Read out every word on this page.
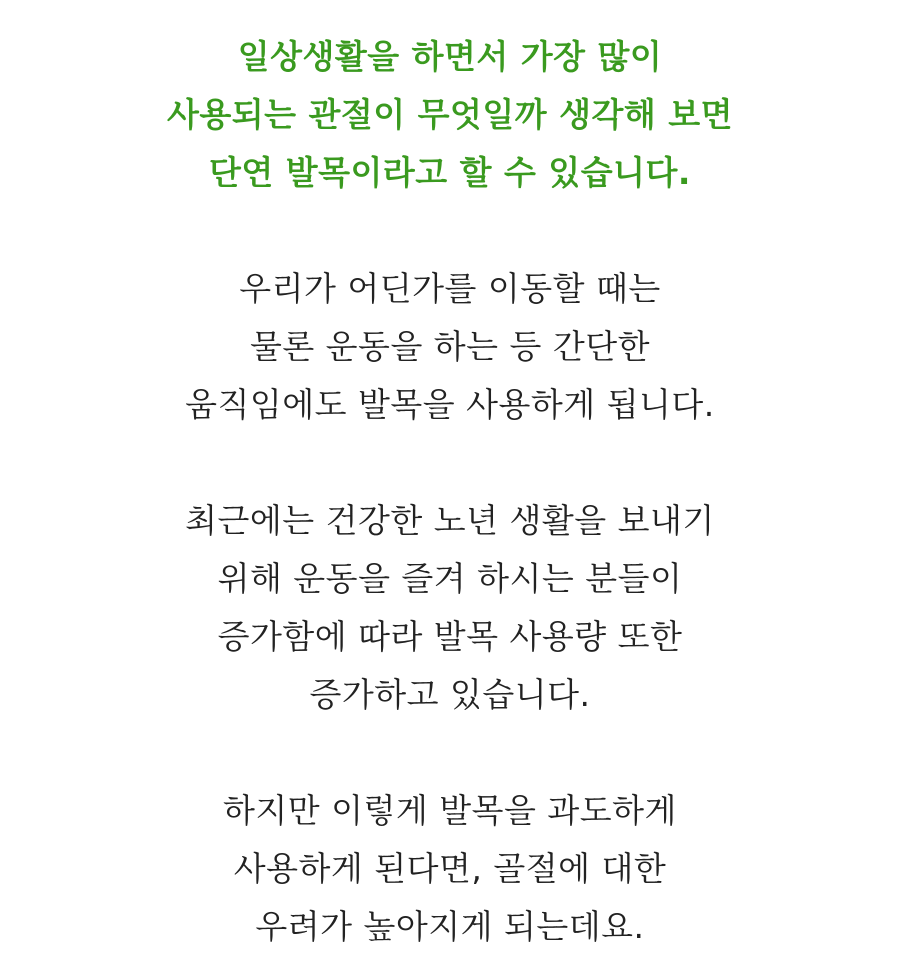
일상생활을 하면서 가장 많이
사용되는 관절이 무엇일까 생각해 보면
단연 발목이라고 할 수 있습니다.

우리가 어딘가를 이동할 때는
물론 운동을 하는 등 간단한
움직임에도 발목을 사용하게 됩니다.

최근에는 건강한 노년 생활을 보내기
위해 운동을 즐겨 하시는 분들이
증가함에 따라 발목 사용량 또한
증가하고 있습니다.

하지만 이렇게 발목을 과도하게
사용하게 된다면, 골절에 대한
우려가 높아지게 되는데요.
